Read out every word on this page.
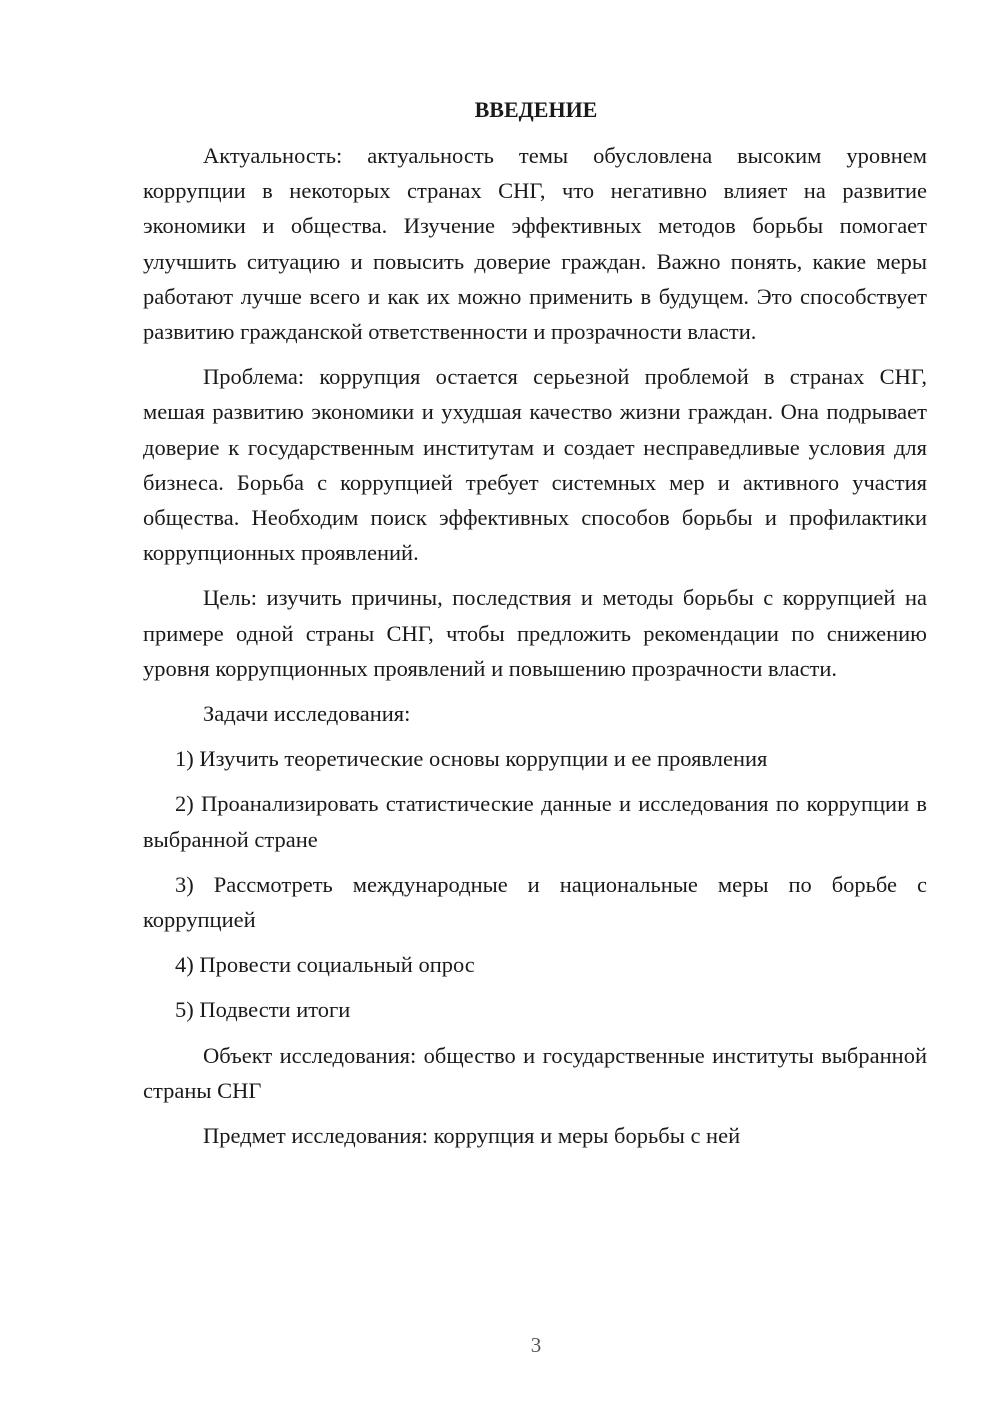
ВВЕДЕНИЕ

Актуальность: актуальность темы обусловлена высоким уровнем коррупции в некоторых странах СНГ, что негативно влияет на развитие экономики и общества. Изучение эффективных методов борьбы помогает улучшить ситуацию и повысить доверие граждан. Важно понять, какие меры работают лучше всего и как их можно применить в будущем. Это способствует развитию гражданской ответственности и прозрачности власти.

Проблема: коррупция остается серьезной проблемой в странах СНГ, мешая развитию экономики и ухудшая качество жизни граждан. Она подрывает доверие к государственным институтам и создает несправедливые условия для бизнеса. Борьба с коррупцией требует системных мер и активного участия общества. Необходим поиск эффективных способов борьбы и профилактики коррупционных проявлений.

Цель: изучить причины, последствия и методы борьбы с коррупцией на примере одной страны СНГ, чтобы предложить рекомендации по снижению уровня коррупционных проявлений и повышению прозрачности власти.

Задачи исследования:

1) Изучить теоретические основы коррупции и ее проявления

2) Проанализировать статистические данные и исследования по коррупции в выбранной стране

3) Рассмотреть международные и национальные меры по борьбе с коррупцией

4) Провести социальный опрос

5) Подвести итоги

Объект исследования: общество и государственные институты выбранной страны СНГ

Предмет исследования: коррупция и меры борьбы с ней

3
